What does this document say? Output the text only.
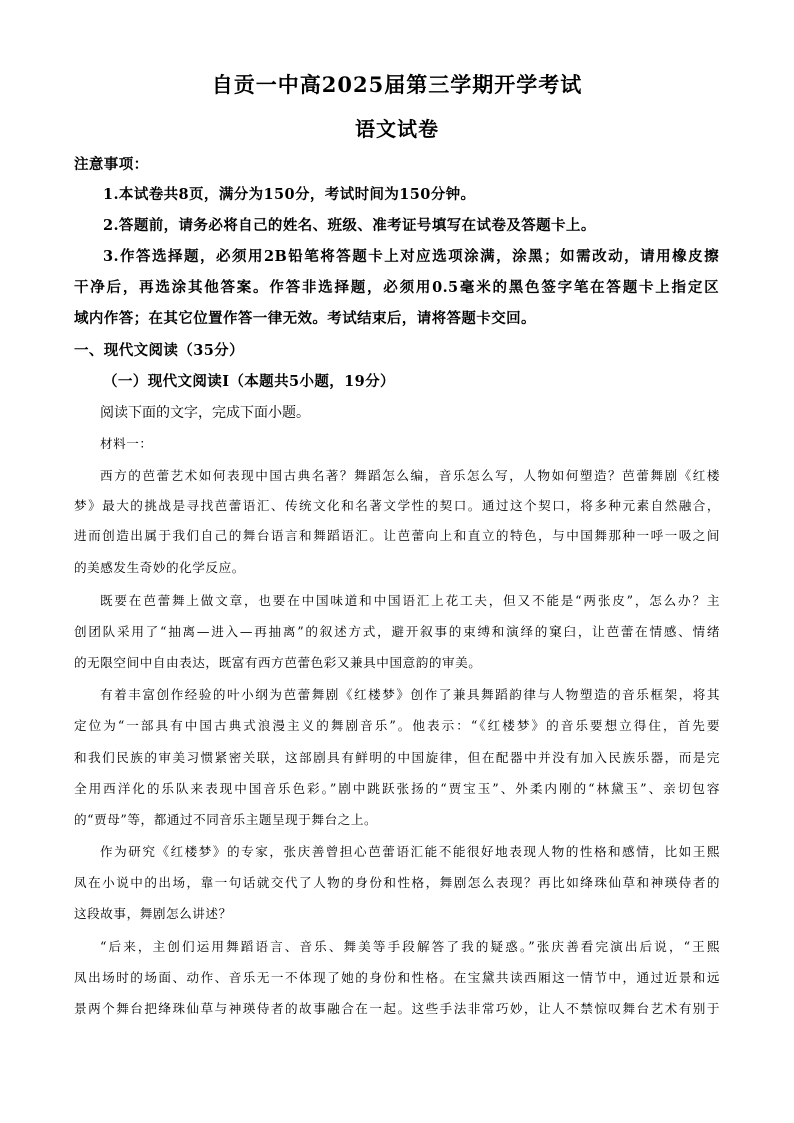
自贡一中高2025届第三学期开学考试
语文试卷
注意事项：
1.本试卷共8页，满分为150分，考试时间为150分钟。
2.答题前，请务必将自己的姓名、班级、准考证号填写在试卷及答题卡上。
3.作答选择题，必须用2B铅笔将答题卡上对应选项涂满，涂黑；如需改动，请用橡皮擦
干净后，再选涂其他答案。作答非选择题，必须用0.5毫米的黑色签字笔在答题卡上指定区
域内作答；在其它位置作答一律无效。考试结束后，请将答题卡交回。
一、现代文阅读（35分）
（一）现代文阅读Ⅰ（本题共5小题，19分）
阅读下面的文字，完成下面小题。
材料一：
西方的芭蕾艺术如何表现中国古典名著？舞蹈怎么编，音乐怎么写，人物如何塑造？芭蕾舞剧《红楼
梦》最大的挑战是寻找芭蕾语汇、传统文化和名著文学性的契口。通过这个契口，将多种元素自然融合，
进而创造出属于我们自己的舞台语言和舞蹈语汇。让芭蕾向上和直立的特色，与中国舞那种一呼一吸之间
的美感发生奇妙的化学反应。
既要在芭蕾舞上做文章，也要在中国味道和中国语汇上花工夫，但又不能是“两张皮”，怎么办？主
创团队采用了“抽离—进入—再抽离”的叙述方式，避开叙事的束缚和演绎的窠臼，让芭蕾在情感、情绪
的无限空间中自由表达，既富有西方芭蕾色彩又兼具中国意韵的审美。
有着丰富创作经验的叶小纲为芭蕾舞剧《红楼梦》创作了兼具舞蹈韵律与人物塑造的音乐框架，将其
定位为“一部具有中国古典式浪漫主义的舞剧音乐”。他表示：“《红楼梦》的音乐要想立得住，首先要
和我们民族的审美习惯紧密关联，这部剧具有鲜明的中国旋律，但在配器中并没有加入民族乐器，而是完
全用西洋化的乐队来表现中国音乐色彩。”剧中跳跃张扬的“贾宝玉”、外柔内刚的“林黛玉”、亲切包容
的“贾母”等，都通过不同音乐主题呈现于舞台之上。
作为研究《红楼梦》的专家，张庆善曾担心芭蕾语汇能不能很好地表现人物的性格和感情，比如王熙
凤在小说中的出场，靠一句话就交代了人物的身份和性格，舞剧怎么表现？再比如绛珠仙草和神瑛侍者的
这段故事，舞剧怎么讲述？
“后来，主创们运用舞蹈语言、音乐、舞美等手段解答了我的疑惑。”张庆善看完演出后说，“王熙
凤出场时的场面、动作、音乐无一不体现了她的身份和性格。在宝黛共读西厢这一情节中，通过近景和远
景两个舞台把绛珠仙草与神瑛侍者的故事融合在一起。这些手法非常巧妙，让人不禁惊叹舞台艺术有别于
